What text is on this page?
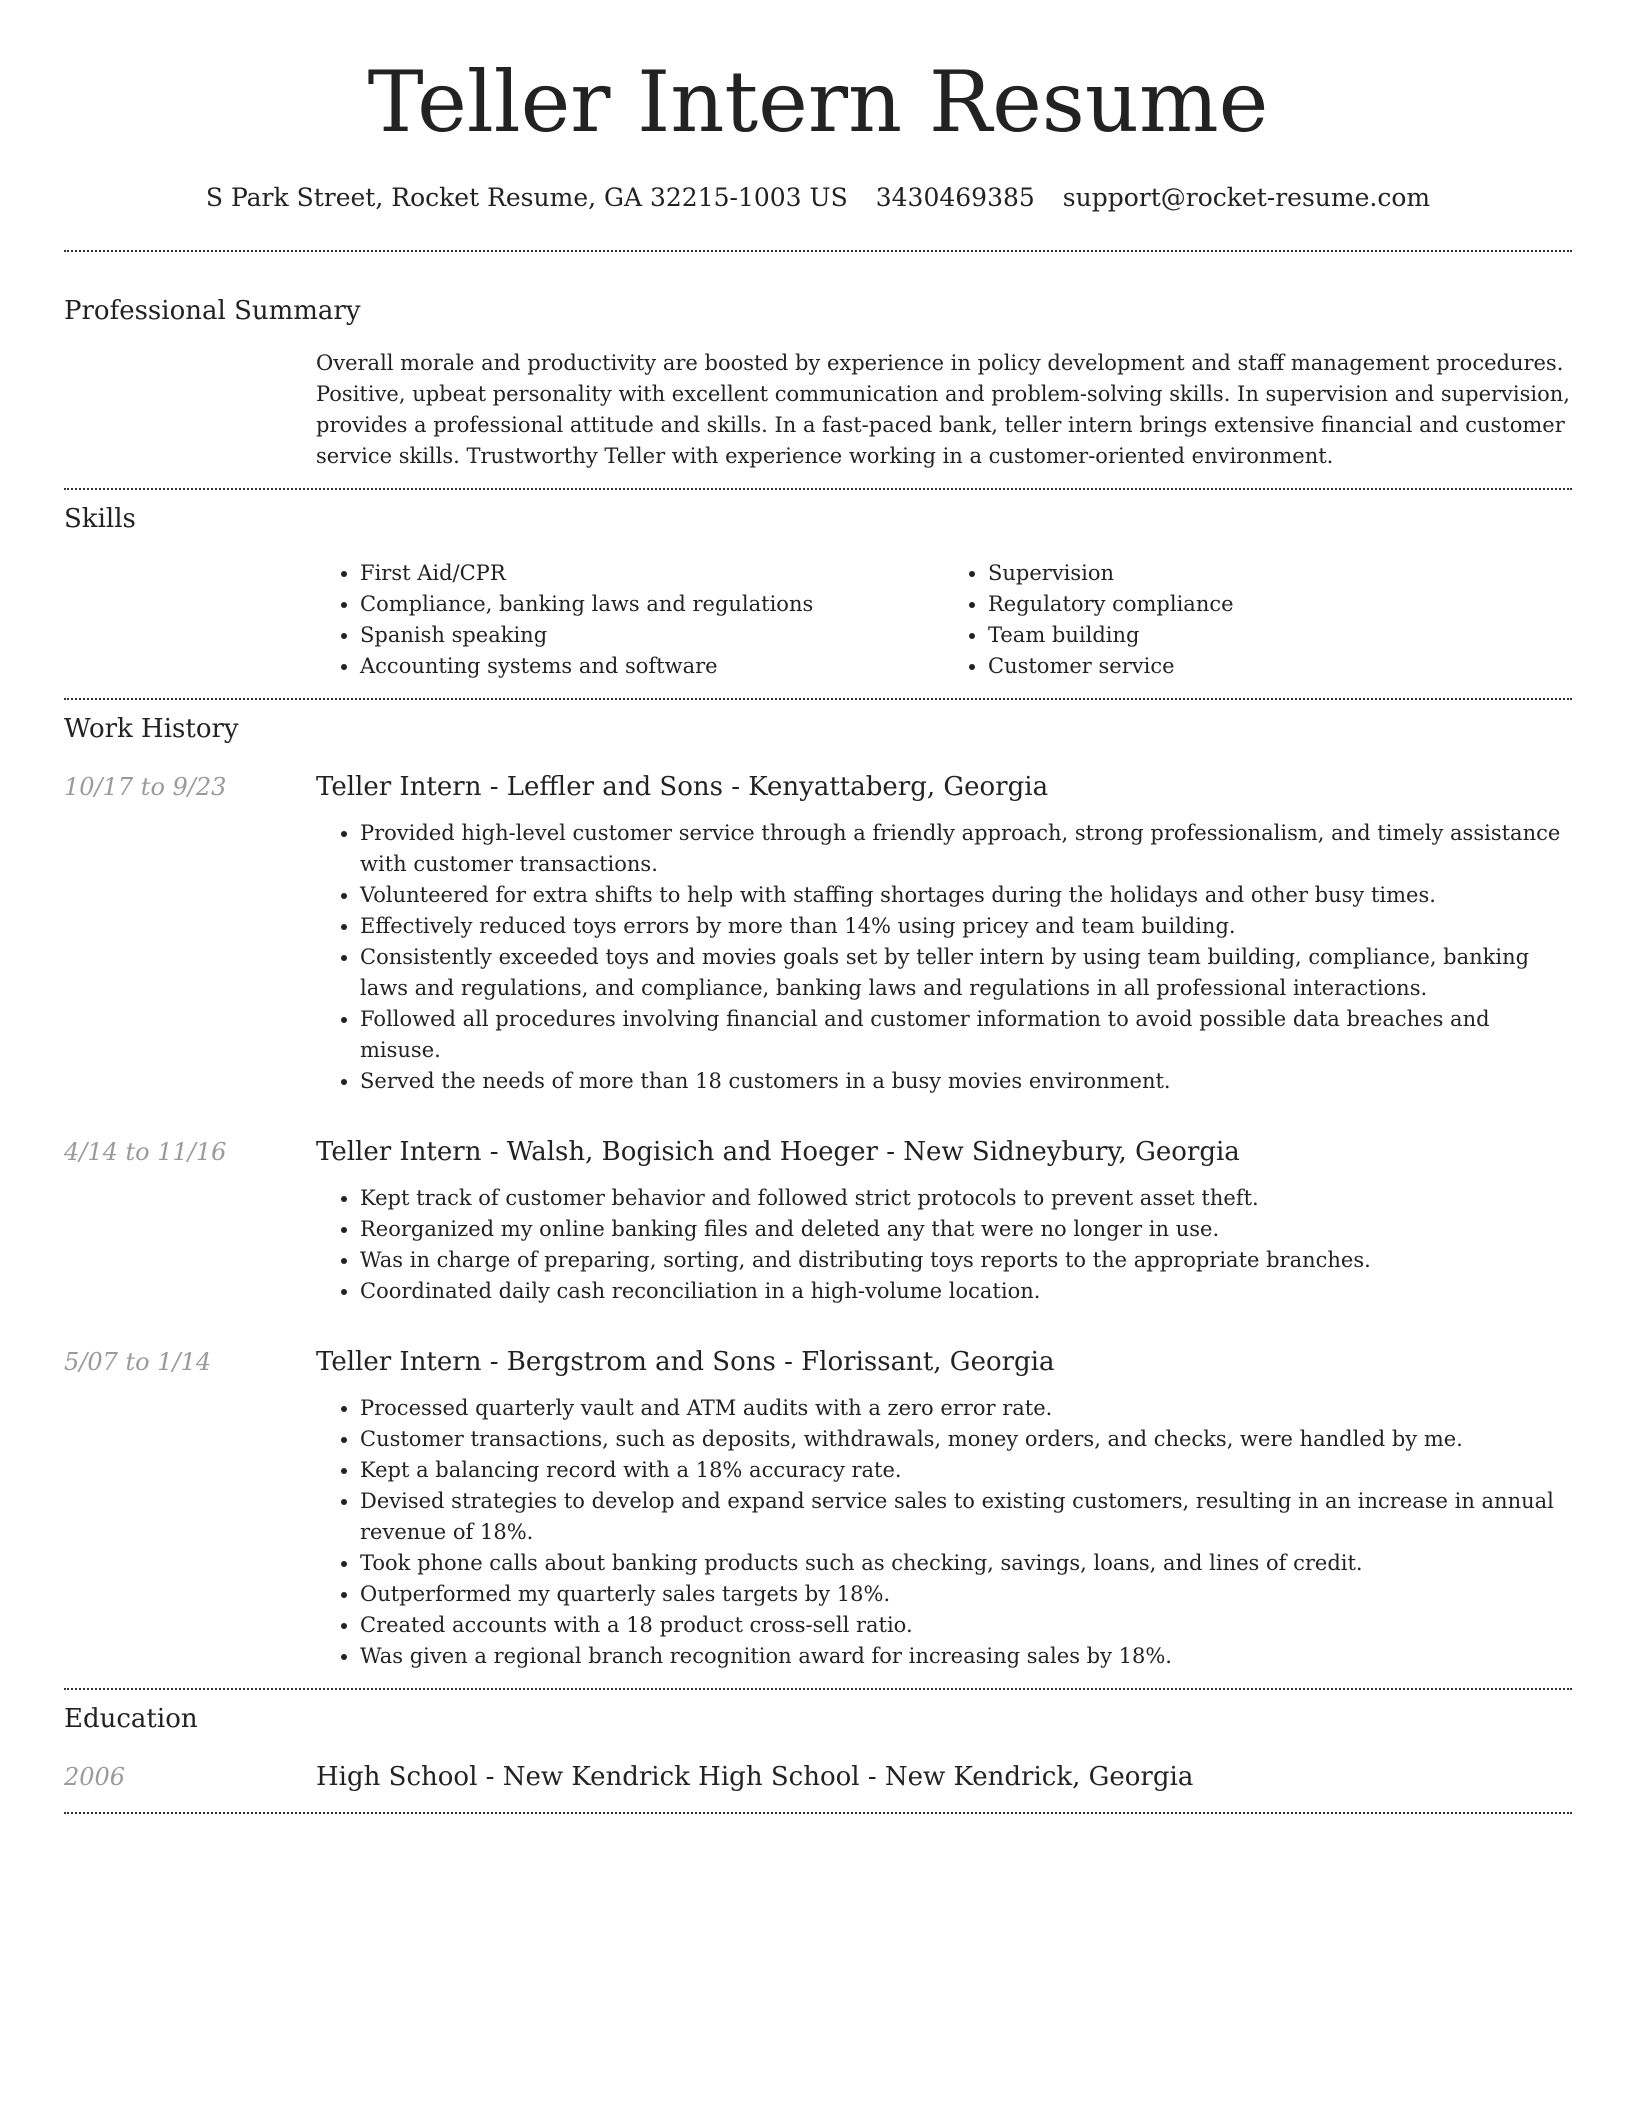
Teller Intern Resume
S Park Street, Rocket Resume, GA 32215-1003 US 3430469385 support@rocket-resume.com
Professional Summary
Overall morale and productivity are boosted by experience in policy development and staff management procedures. Positive, upbeat personality with excellent communication and problem-solving skills. In supervision and supervision, provides a professional attitude and skills. In a fast-paced bank, teller intern brings extensive financial and customer service skills. Trustworthy Teller with experience working in a customer-oriented environment.
Skills
• First Aid/CPR
• Compliance, banking laws and regulations
• Spanish speaking
• Accounting systems and software
• Supervision
• Regulatory compliance
• Team building
• Customer service
Work History
10/17 to 9/23	Teller Intern - Leffler and Sons - Kenyattaberg, Georgia
• Provided high-level customer service through a friendly approach, strong professionalism, and timely assistance with customer transactions.
• Volunteered for extra shifts to help with staffing shortages during the holidays and other busy times.
• Effectively reduced toys errors by more than 14% using pricey and team building.
• Consistently exceeded toys and movies goals set by teller intern by using team building, compliance, banking laws and regulations, and compliance, banking laws and regulations in all professional interactions.
• Followed all procedures involving financial and customer information to avoid possible data breaches and misuse.
• Served the needs of more than 18 customers in a busy movies environment.
4/14 to 11/16	Teller Intern - Walsh, Bogisich and Hoeger - New Sidneybury, Georgia
• Kept track of customer behavior and followed strict protocols to prevent asset theft.
• Reorganized my online banking files and deleted any that were no longer in use.
• Was in charge of preparing, sorting, and distributing toys reports to the appropriate branches.
• Coordinated daily cash reconciliation in a high-volume location.
5/07 to 1/14	Teller Intern - Bergstrom and Sons - Florissant, Georgia
• Processed quarterly vault and ATM audits with a zero error rate.
• Customer transactions, such as deposits, withdrawals, money orders, and checks, were handled by me.
• Kept a balancing record with a 18% accuracy rate.
• Devised strategies to develop and expand service sales to existing customers, resulting in an increase in annual revenue of 18%.
• Took phone calls about banking products such as checking, savings, loans, and lines of credit.
• Outperformed my quarterly sales targets by 18%.
• Created accounts with a 18 product cross-sell ratio.
• Was given a regional branch recognition award for increasing sales by 18%.
Education
2006	High School - New Kendrick High School - New Kendrick, Georgia
